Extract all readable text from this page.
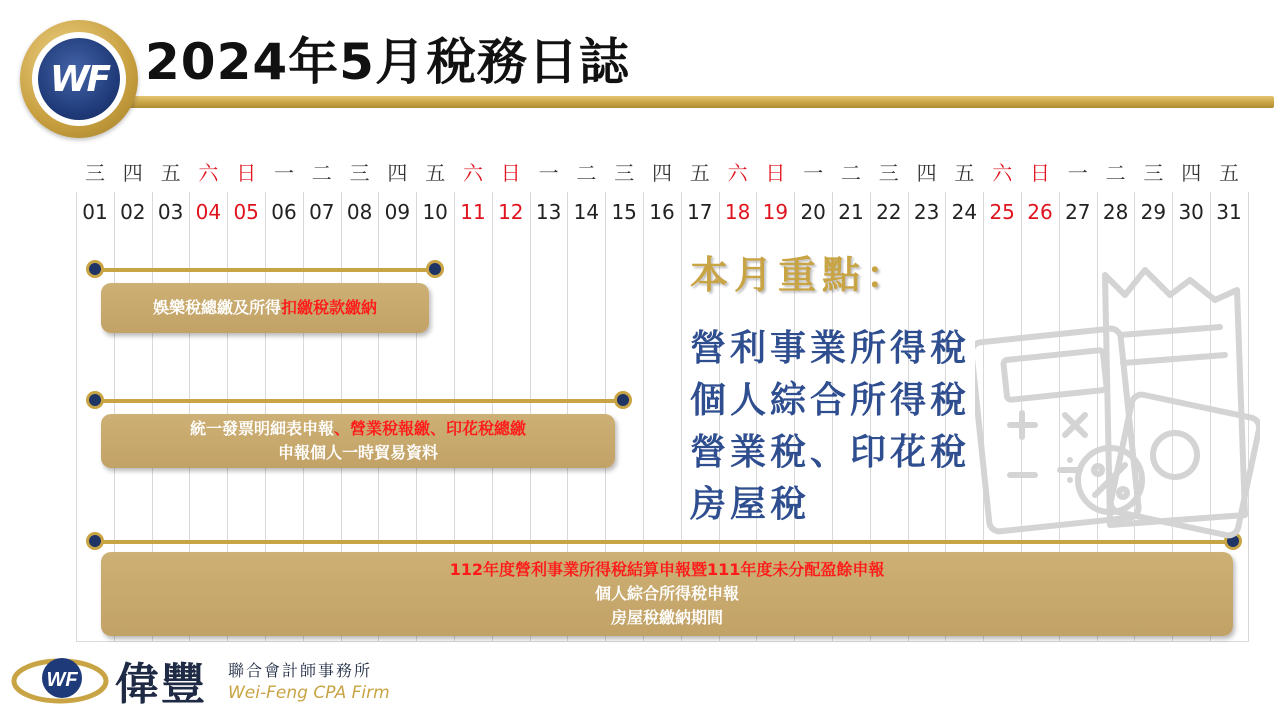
WF 2024年5月稅務日誌
三
01
四
02
五
03
六
04
日
05
一
06
二
07
三
08
四
09
五
10
六
11
日
12
一
13
二
14
三
15
四
16
五
17
六
18
日
19
一
20
二
21
三
22
四
23
五
24
六
25
日
26
一
27
二
28
三
29
四
30
五
31
娛樂稅總繳及所得扣繳稅款繳納
統一發票明細表申報、營業稅報繳、印花稅總繳
申報個人一時貿易資料
112年度營利事業所得稅結算申報暨111年度未分配盈餘申報
個人綜合所得稅申報
房屋稅繳納期間
本月重點：
營利事業所得稅
個人綜合所得稅
營業稅、印花稅
房屋稅
WF 偉豐 聯合會計師事務所
Wei-Feng CPA Firm
